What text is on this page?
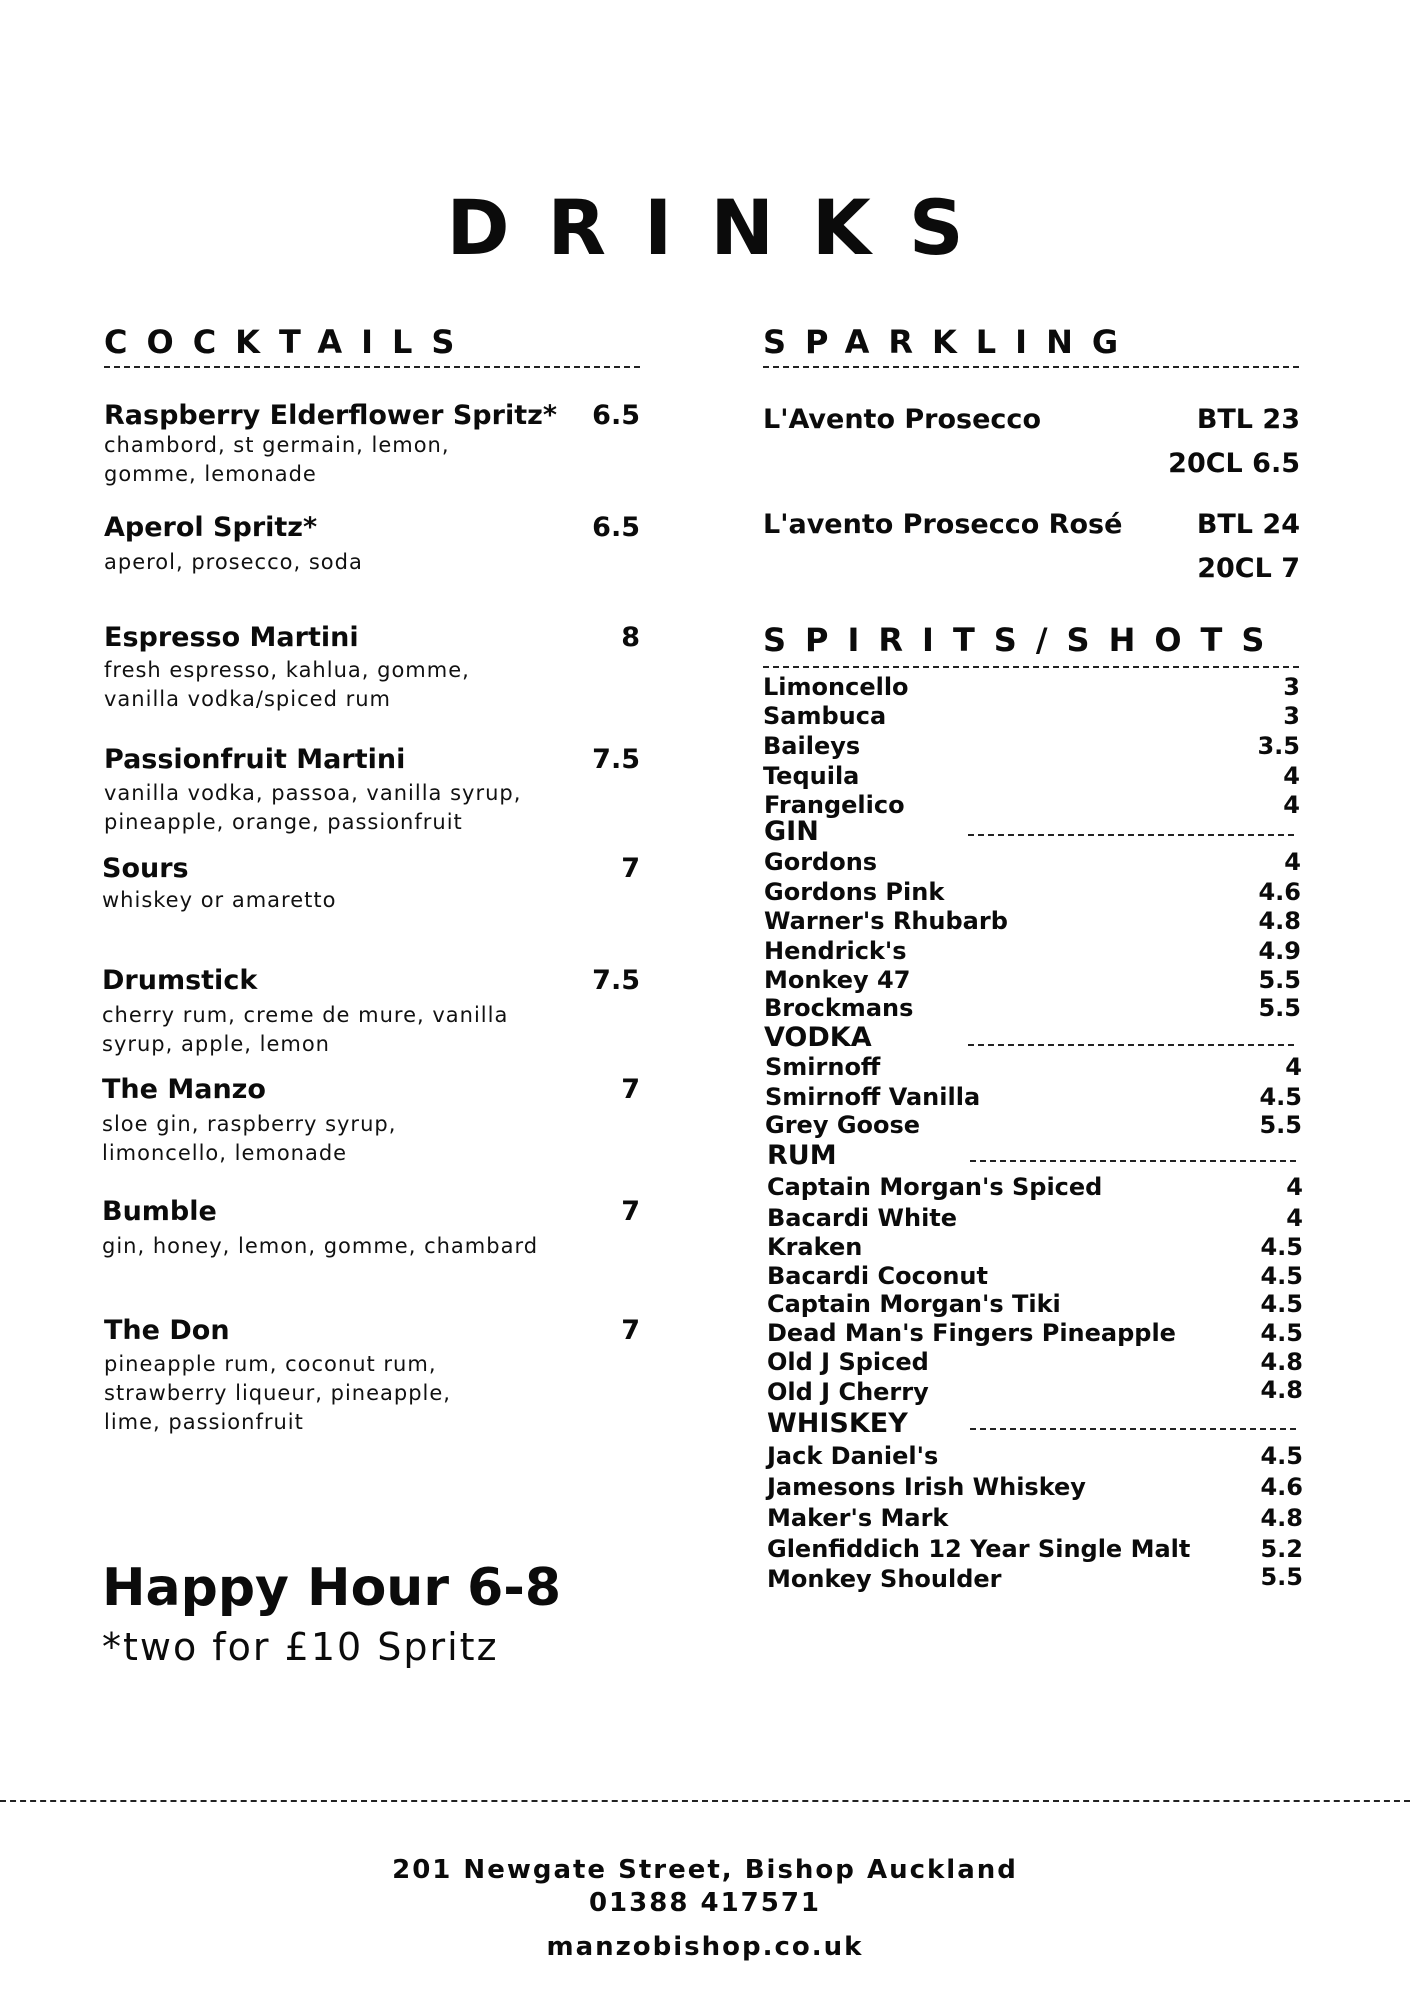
DRINKS
COCKTAILS
Raspberry Elderflower Spritz*	6.5
chambord, st germain, lemon,
gomme, lemonade
Aperol Spritz*	6.5
aperol, prosecco, soda
Espresso Martini	8
fresh espresso, kahlua, gomme,
vanilla vodka/spiced rum
Passionfruit Martini	7.5
vanilla vodka, passoa, vanilla syrup,
pineapple, orange, passionfruit
Sours	7
whiskey or amaretto
Drumstick	7.5
cherry rum, creme de mure, vanilla
syrup, apple, lemon
The Manzo	7
sloe gin, raspberry syrup,
limoncello, lemonade
Bumble	7
gin, honey, lemon, gomme, chambard
The Don	7
pineapple rum, coconut rum,
strawberry liqueur, pineapple,
lime, passionfruit
Happy Hour 6-8
*two for £10 Spritz
SPARKLING
L'Avento Prosecco	BTL 23
20CL 6.5
L'avento Prosecco Rosé	BTL 24
20CL 7
SPIRITS/SHOTS
Limoncello	3
Sambuca	3
Baileys	3.5
Tequila	4
Frangelico	4
GIN
Gordons	4
Gordons Pink	4.6
Warner's Rhubarb	4.8
Hendrick's	4.9
Monkey 47	5.5
Brockmans	5.5
VODKA
Smirnoff	4
Smirnoff Vanilla	4.5
Grey Goose	5.5
RUM
Captain Morgan's Spiced	4
Bacardi White	4
Kraken	4.5
Bacardi Coconut	4.5
Captain Morgan's Tiki	4.5
Dead Man's Fingers Pineapple	4.5
Old J Spiced	4.8
Old J Cherry	4.8
WHISKEY
Jack Daniel's	4.5
Jamesons Irish Whiskey	4.6
Maker's Mark	4.8
Glenfiddich 12 Year Single Malt	5.2
Monkey Shoulder	5.5
201 Newgate Street, Bishop Auckland
01388 417571
manzobishop.co.uk
